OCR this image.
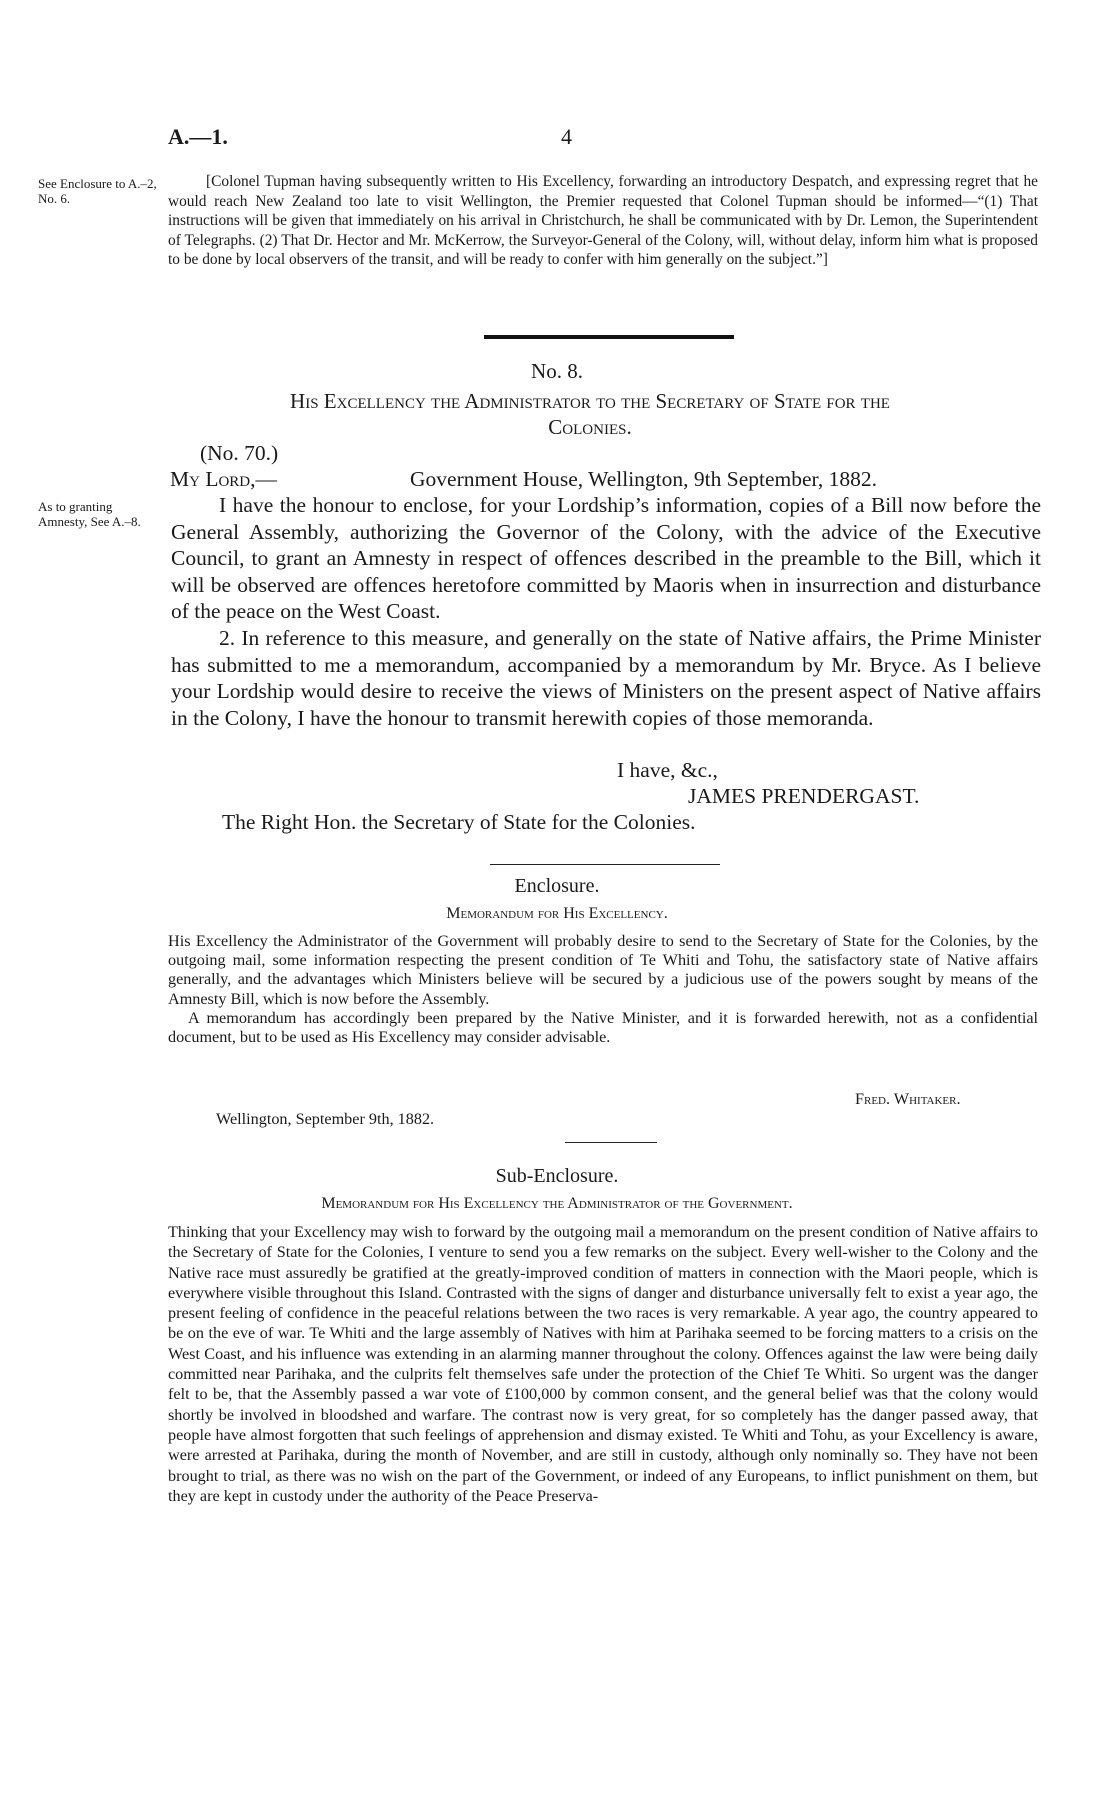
A.—1.	4
See Enclosure to A.–2, No. 6.
As to granting Amnesty, See A.–8.
[Colonel Tupman having subsequently written to His Excellency, forwarding an introductory Despatch, and expressing regret that he would reach New Zealand too late to visit Wellington, the Premier requested that Colonel Tupman should be informed—“(1) That instructions will be given that immediately on his arrival in Christchurch, he shall be communicated with by Dr. Lemon, the Superintendent of Telegraphs. (2) That Dr. Hector and Mr. McKerrow, the Surveyor-General of the Colony, will, without delay, inform him what is proposed to be done by local observers of the transit, and will be ready to confer with him generally on the subject.”]
No. 8.
His Excellency the Administrator to the Secretary of State for the
Colonies.
(No. 70.)
My Lord,—	Government House, Wellington, 9th September, 1882.

I have the honour to enclose, for your Lordship’s information, copies of a Bill now before the General Assembly, authorizing the Governor of the Colony, with the advice of the Executive Council, to grant an Amnesty in respect of offences described in the preamble to the Bill, which it will be observed are offences heretofore committed by Maoris when in insurrection and disturbance of the peace on the West Coast.

2. In reference to this measure, and generally on the state of Native affairs, the Prime Minister has submitted to me a memorandum, accompanied by a memorandum by Mr. Bryce. As I believe your Lordship would desire to receive the views of Ministers on the present aspect of Native affairs in the Colony, I have the honour to transmit herewith copies of those memoranda.

I have, &c.,
JAMES PRENDERGAST.
The Right Hon. the Secretary of State for the Colonies.
Enclosure.
Memorandum for His Excellency.

His Excellency the Administrator of the Government will probably desire to send to the Secretary of State for the Colonies, by the outgoing mail, some information respecting the present condition of Te Whiti and Tohu, the satisfactory state of Native affairs generally, and the advantages which Ministers believe will be secured by a judicious use of the powers sought by means of the Amnesty Bill, which is now before the Assembly.

A memorandum has accordingly been prepared by the Native Minister, and it is forwarded herewith, not as a confidential document, but to be used as His Excellency may consider advisable.

Fred. Whitaker.
Wellington, September 9th, 1882.
Sub-Enclosure.
Memorandum for His Excellency the Administrator of the Government.

Thinking that your Excellency may wish to forward by the outgoing mail a memorandum on the present condition of Native affairs to the Secretary of State for the Colonies, I venture to send you a few remarks on the subject. Every well-wisher to the Colony and the Native race must assuredly be gratified at the greatly-improved condition of matters in connection with the Maori people, which is everywhere visible throughout this Island. Contrasted with the signs of danger and disturbance universally felt to exist a year ago, the present feeling of confidence in the peaceful relations between the two races is very remarkable. A year ago, the country appeared to be on the eve of war. Te Whiti and the large assembly of Natives with him at Parihaka seemed to be forcing matters to a crisis on the West Coast, and his influence was extending in an alarming manner throughout the colony. Offences against the law were being daily committed near Parihaka, and the culprits felt themselves safe under the protection of the Chief Te Whiti. So urgent was the danger felt to be, that the Assembly passed a war vote of £100,000 by common consent, and the general belief was that the colony would shortly be involved in bloodshed and warfare. The contrast now is very great, for so completely has the danger passed away, that people have almost forgotten that such feelings of apprehension and dismay existed. Te Whiti and Tohu, as your Excellency is aware, were arrested at Parihaka, during the month of November, and are still in custody, although only nominally so. They have not been brought to trial, as there was no wish on the part of the Government, or indeed of any Europeans, to inflict punishment on them, but they are kept in custody under the authority of the Peace Preserva-
